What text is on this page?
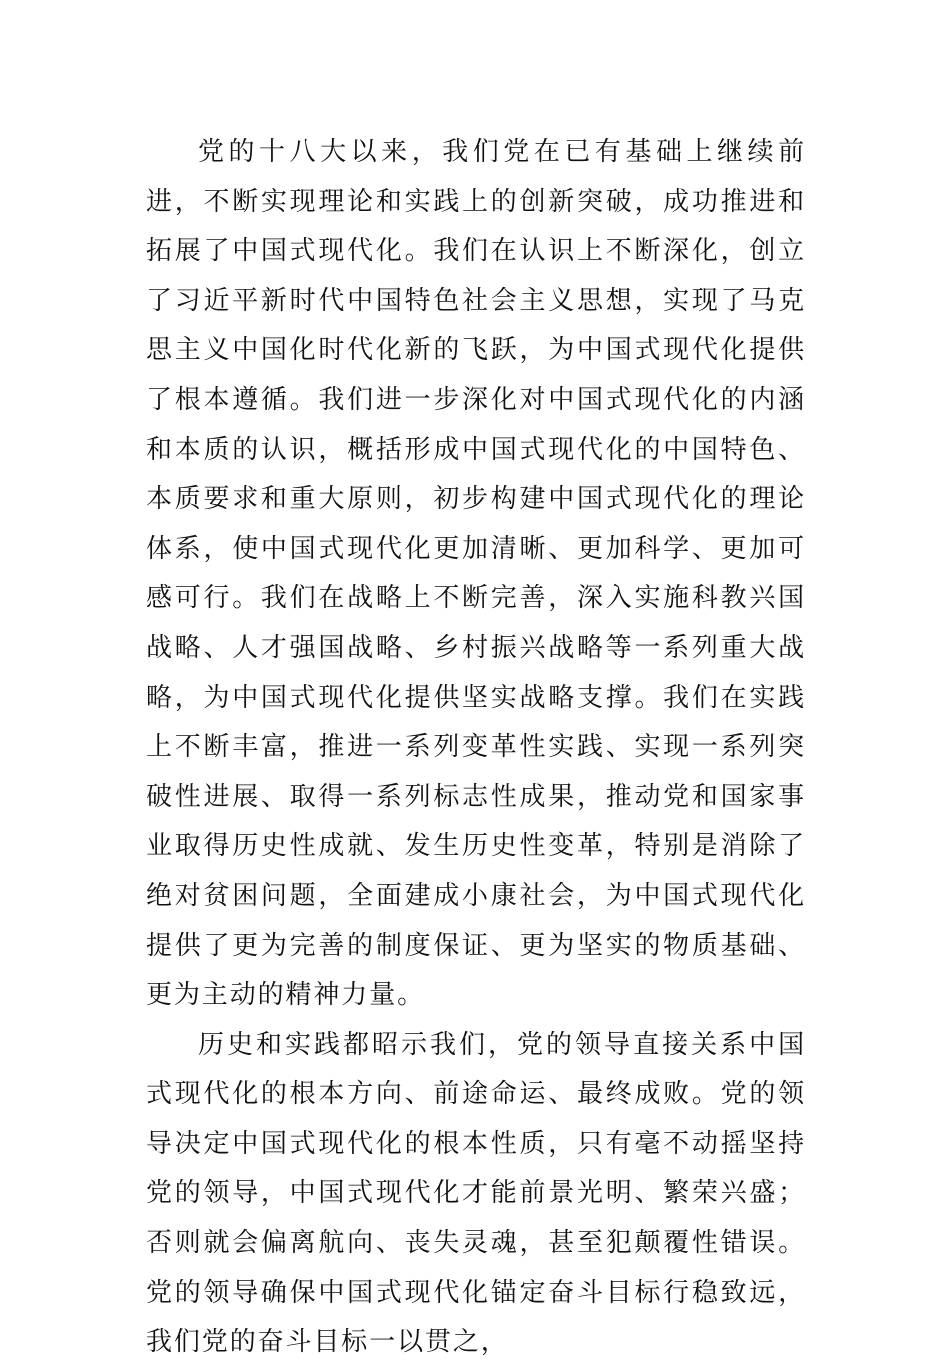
党的十八大以来，我们党在已有基础上继续前进，不断实现理论和实践上的创新突破，成功推进和拓展了中国式现代化。我们在认识上不断深化，创立了习近平新时代中国特色社会主义思想，实现了马克思主义中国化时代化新的飞跃，为中国式现代化提供了根本遵循。我们进一步深化对中国式现代化的内涵和本质的认识，概括形成中国式现代化的中国特色、本质要求和重大原则，初步构建中国式现代化的理论体系，使中国式现代化更加清晰、更加科学、更加可感可行。我们在战略上不断完善，深入实施科教兴国战略、人才强国战略、乡村振兴战略等一系列重大战略，为中国式现代化提供坚实战略支撑。我们在实践上不断丰富，推进一系列变革性实践、实现一系列突破性进展、取得一系列标志性成果，推动党和国家事业取得历史性成就、发生历史性变革，特别是消除了绝对贫困问题，全面建成小康社会，为中国式现代化提供了更为完善的制度保证、更为坚实的物质基础、更为主动的精神力量。

历史和实践都昭示我们，党的领导直接关系中国式现代化的根本方向、前途命运、最终成败。党的领导决定中国式现代化的根本性质，只有毫不动摇坚持党的领导，中国式现代化才能前景光明、繁荣兴盛；否则就会偏离航向、丧失灵魂，甚至犯颠覆性错误。党的领导确保中国式现代化锚定奋斗目标行稳致远，我们党的奋斗目标一以贯之，
